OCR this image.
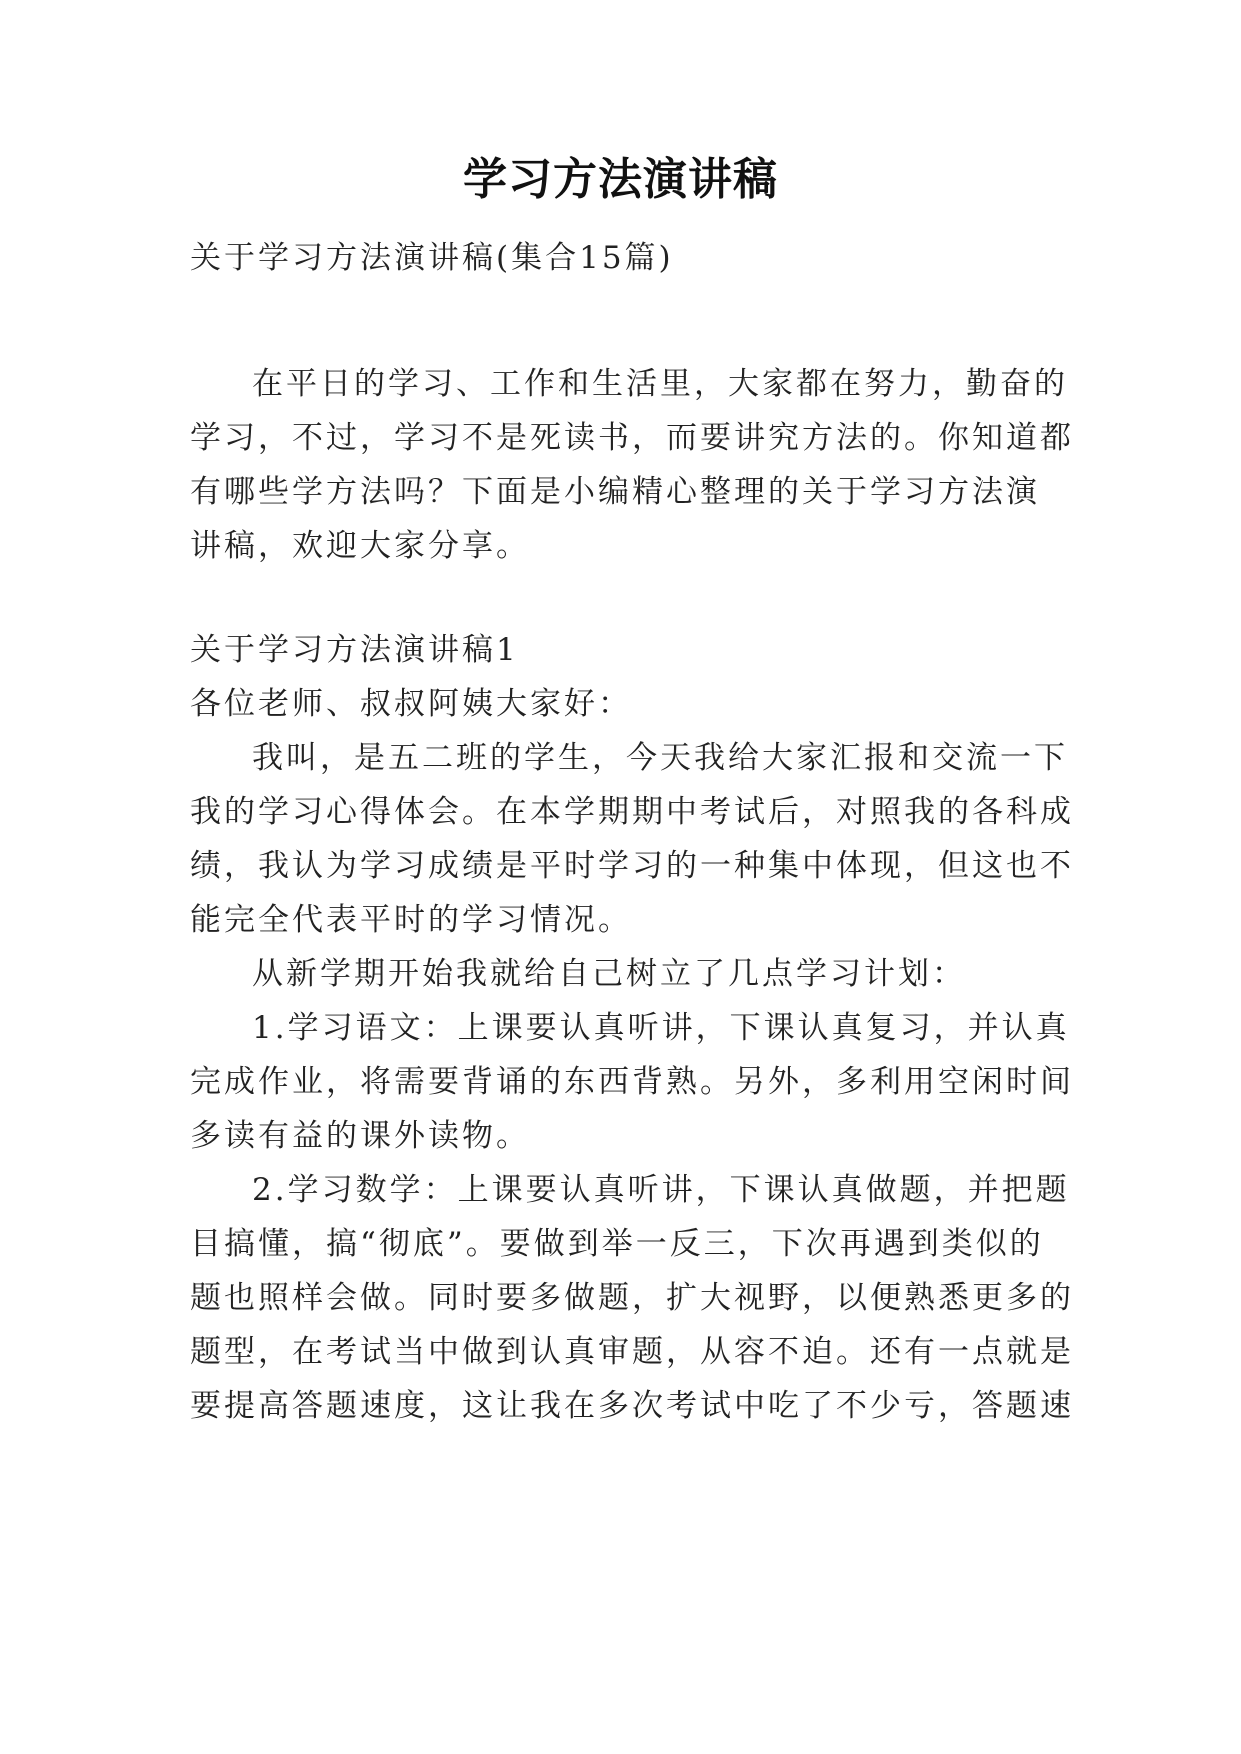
学习方法演讲稿
关于学习方法演讲稿(集合15篇)
在平日的学习、工作和生活里，大家都在努力，勤奋的
学习，不过，学习不是死读书，而要讲究方法的。你知道都
有哪些学方法吗？下面是小编精心整理的关于学习方法演
讲稿，欢迎大家分享。
关于学习方法演讲稿1
各位老师、叔叔阿姨大家好：
我叫，是五二班的学生，今天我给大家汇报和交流一下
我的学习心得体会。在本学期期中考试后，对照我的各科成
绩，我认为学习成绩是平时学习的一种集中体现，但这也不
能完全代表平时的学习情况。
从新学期开始我就给自己树立了几点学习计划：
1.学习语文：上课要认真听讲，下课认真复习，并认真
完成作业，将需要背诵的东西背熟。另外，多利用空闲时间
多读有益的课外读物。
2.学习数学：上课要认真听讲，下课认真做题，并把题
目搞懂，搞“彻底”。要做到举一反三，下次再遇到类似的
题也照样会做。同时要多做题，扩大视野，以便熟悉更多的
题型，在考试当中做到认真审题，从容不迫。还有一点就是
要提高答题速度，这让我在多次考试中吃了不少亏，答题速
